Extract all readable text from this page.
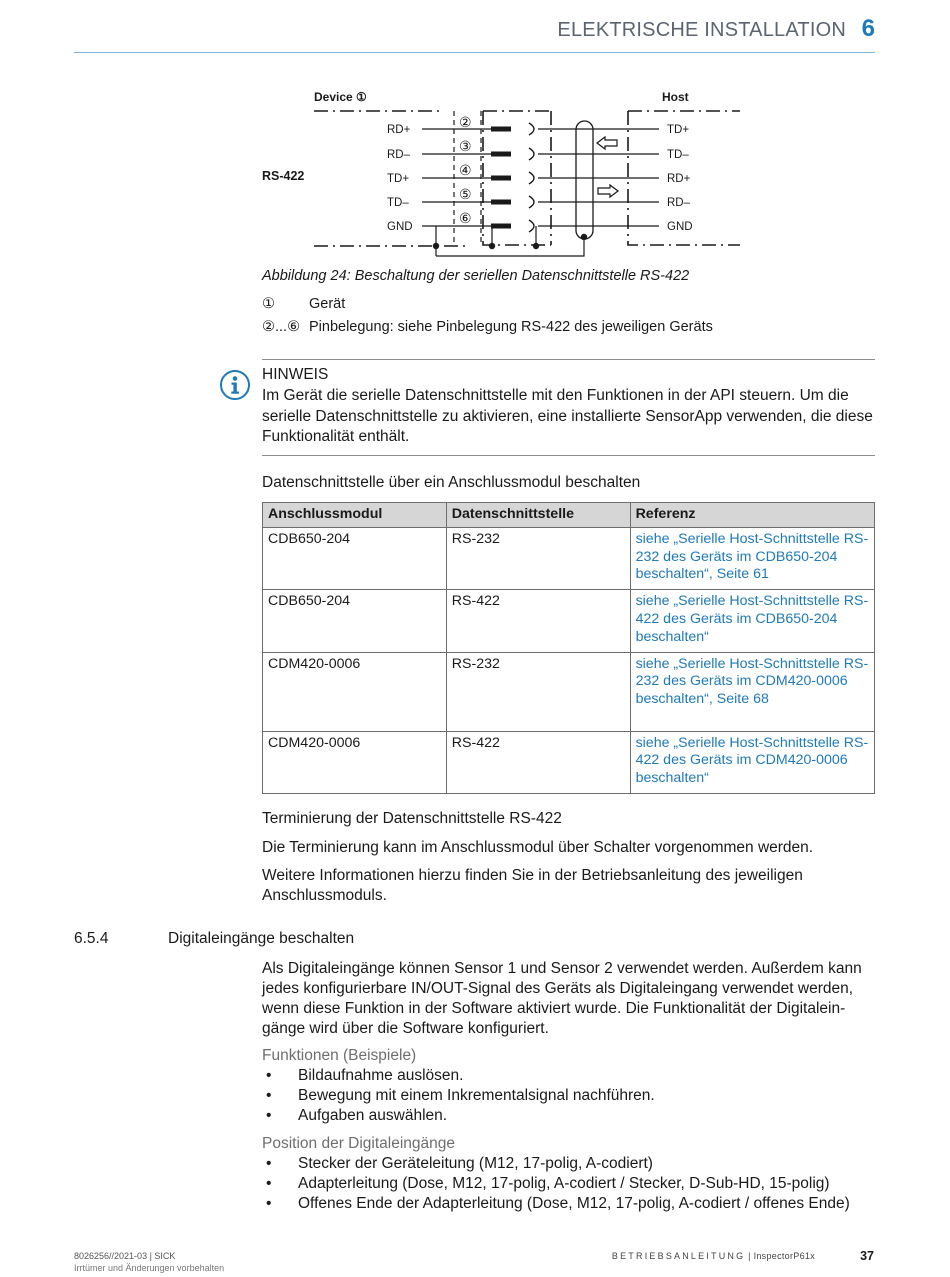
ELEKTRISCHE INSTALLATION 6
Device ①	Host
RS-422
RD+
RD–
TD+
TD–
GND
TD+
TD–
RD+
RD–
GND
②
③
④
⑤
⑥
Abbildung 24: Beschaltung der seriellen Datenschnittstelle RS-422
① Gerät
②...⑥ Pinbelegung: siehe Pinbelegung RS-422 des jeweiligen Geräts
HINWEIS
Im Gerät die serielle Datenschnittstelle mit den Funktionen in der API steuern. Um die serielle Datenschnittstelle zu aktivieren, eine installierte SensorApp verwenden, die diese Funktionalität enthält.
Datenschnittstelle über ein Anschlussmodul beschalten
Anschlussmodul	Datenschnittstelle	Referenz
CDB650-204	RS-232	siehe „Serielle Host-Schnittstelle RS-232 des Geräts im CDB650-204 beschalten“, Seite 61
CDB650-204	RS-422	siehe „Serielle Host-Schnittstelle RS-422 des Geräts im CDB650-204 beschalten“
CDM420-0006	RS-232	siehe „Serielle Host-Schnittstelle RS-232 des Geräts im CDM420-0006 beschalten“, Seite 68
CDM420-0006	RS-422	siehe „Serielle Host-Schnittstelle RS-422 des Geräts im CDM420-0006 beschalten“
Terminierung der Datenschnittstelle RS-422
Die Terminierung kann im Anschlussmodul über Schalter vorgenommen werden.
Weitere Informationen hierzu finden Sie in der Betriebsanleitung des jeweiligen Anschlussmoduls.
6.5.4	Digitaleingänge beschalten
Als Digitaleingänge können Sensor 1 und Sensor 2 verwendet werden. Außerdem kann jedes konfigurierbare IN/OUT-Signal des Geräts als Digitaleingang verwendet werden, wenn diese Funktion in der Software aktiviert wurde. Die Funktionalität der Digitaleingänge wird über die Software konfiguriert.
Funktionen (Beispiele)
• Bildaufnahme auslösen.
• Bewegung mit einem Inkrementalsignal nachführen.
• Aufgaben auswählen.
Position der Digitaleingänge
• Stecker der Geräteleitung (M12, 17-polig, A-codiert)
• Adapterleitung (Dose, M12, 17-polig, A-codiert / Stecker, D-Sub-HD, 15-polig)
• Offenes Ende der Adapterleitung (Dose, M12, 17-polig, A-codiert / offenes Ende)
8026256//2021-03 | SICK
Irrtümer und Änderungen vorbehalten
BETRIEBSANLEITUNG | InspectorP61x	37
